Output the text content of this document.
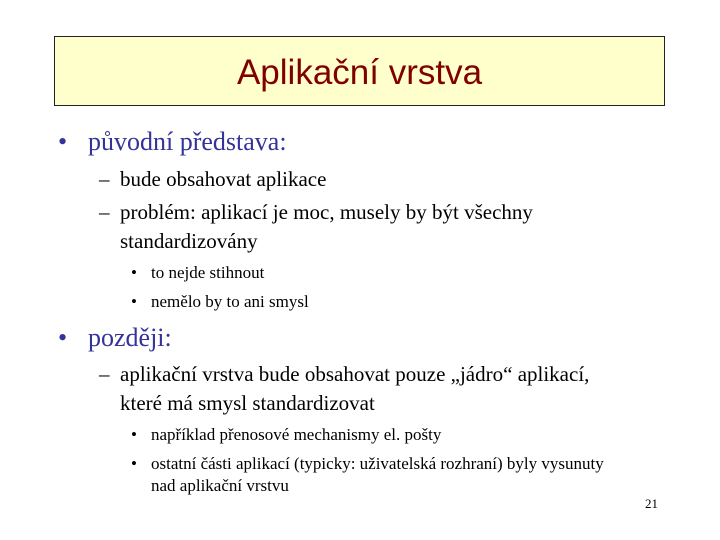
Aplikační vrstva
• původní představa:

– bude obsahovat aplikace

– problém: aplikací je moc, musely by být všechny

standardizovány

• to nejde stihnout

• nemělo by to ani smysl

• později:

– aplikační vrstva bude obsahovat pouze „jádro“ aplikací,

které má smysl standardizovat

• například přenosové mechanismy el. pošty

• ostatní části aplikací (typicky: uživatelská rozhraní) byly vysunuty nad aplikační vrstvu

21
